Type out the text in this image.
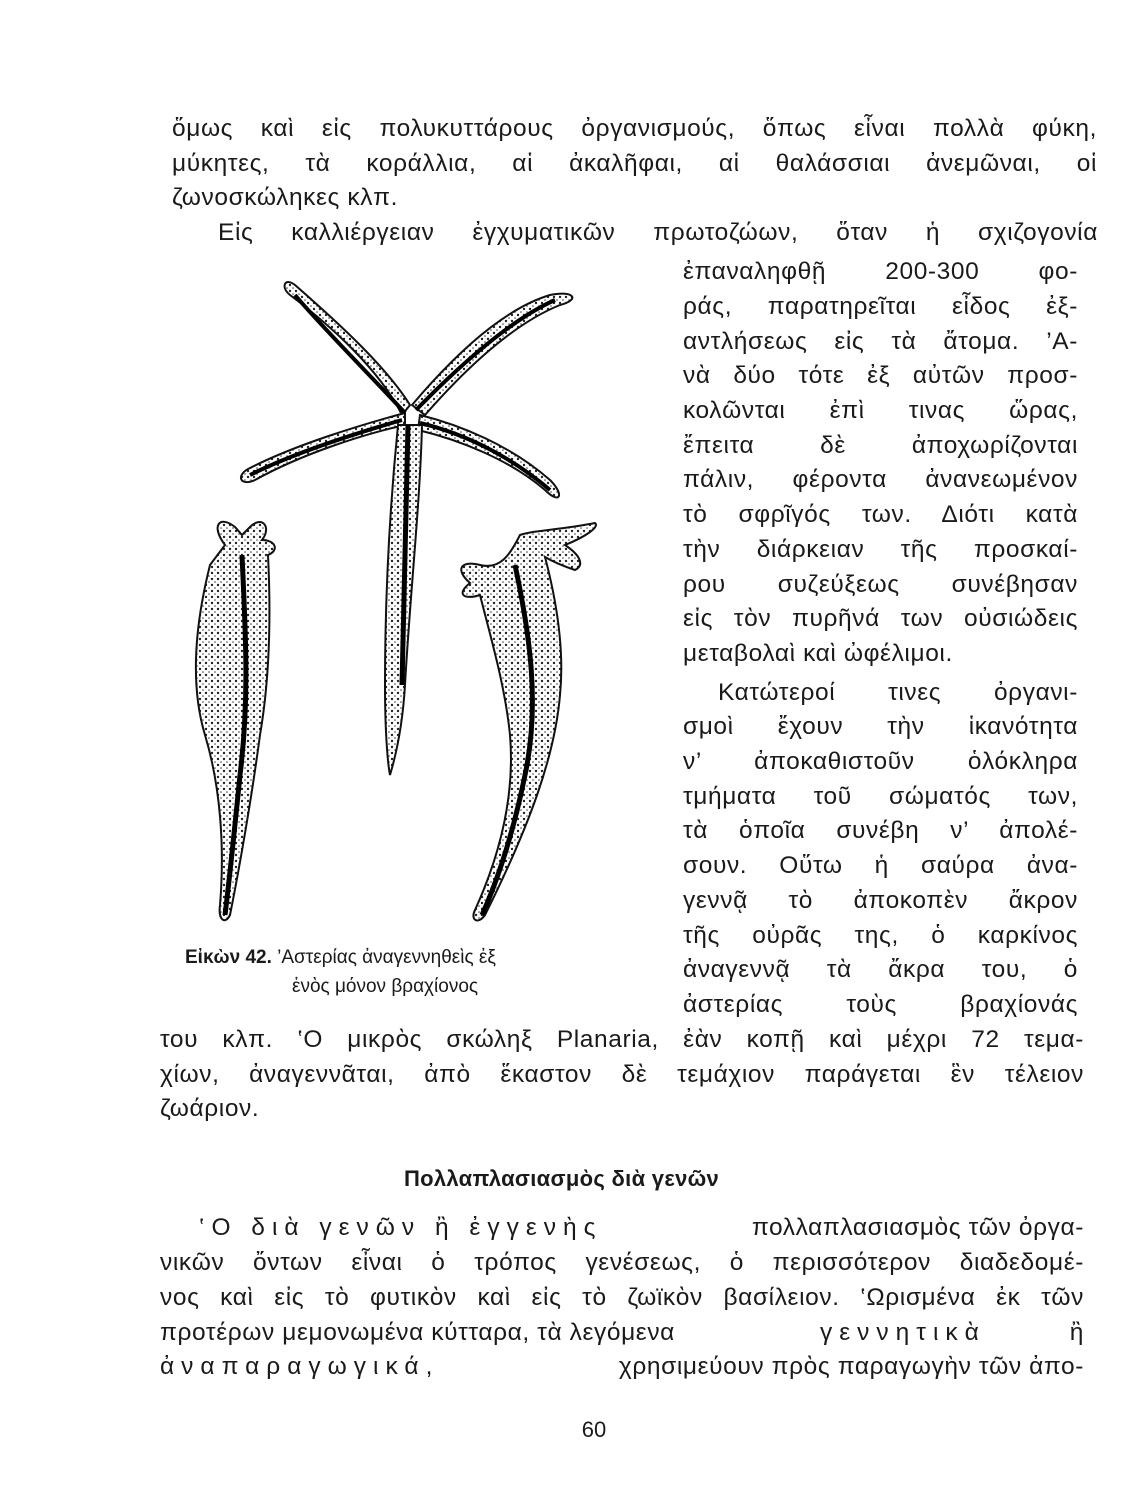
ὅμως καὶ εἰς πολυκυττάρους ὀργανισμούς, ὅπως εἶναι πολλὰ φύκη,
μύκητες, τὰ κοράλλια, αἱ ἀκαλῆφαι, αἱ θαλάσσιαι ἀνεμῶναι, οἱ
ζωνοσκώληκες κλπ.
Εἰς καλλιέργειαν ἐγχυματικῶν πρωτοζώων, ὅταν ἡ σχιζογονία
ἐπαναληφθῇ 200-300 φο-
ράς, παρατηρεῖται εἶδος ἐξ-
αντλήσεως εἰς τὰ ἄτομα. ’Α-
νὰ δύο τότε ἐξ αὐτῶν προσ-
κολῶνται ἐπὶ τινας ὥρας,
ἔπειτα δὲ ἀποχωρίζονται
πάλιν, φέροντα ἀνανεωμένον
τὸ σφρῖγός των. Διότι κατὰ
τὴν διάρκειαν τῆς προσκαί-
ρου συζεύξεως συνέβησαν
εἰς τὸν πυρῆνά των οὐσιώδεις
μεταβολαὶ καὶ ὠφέλιμοι.
Κατώτεροί τινες ὀργανι-
σμοὶ ἔχουν τὴν ἱκανότητα
ν’ ἀποκαθιστοῦν ὁλόκληρα
τμήματα τοῦ σώματός των,
τὰ ὁποῖα συνέβη ν’ ἀπολέ-
σουν. Οὕτω ἡ σαύρα ἀνα-
γεννᾷ τὸ ἀποκοπὲν ἄκρον
τῆς οὐρᾶς της, ὁ καρκίνος
ἀναγεννᾷ τὰ ἄκρα του, ὁ
ἀστερίας τοὺς βραχίονάς
του κλπ. ‛Ο μικρὸς σκώληξ Planaria, ἐὰν κοπῇ καὶ μέχρι 72 τεμα-
χίων, ἀναγεννᾶται, ἀπὸ ἕκαστον δὲ τεμάχιον παράγεται ἓν τέλειον
ζωάριον.
Εἰκὼν 42. ’Αστερίας ἀναγεννηθεὶς ἐξ
ἑνὸς μόνον βραχίονος
Πολλαπλασιασμὸς διὰ γενῶν
‛Ο διὰ γενῶν ἢ ἐγγενὴς	πολλαπλασιασμὸς τῶν ὀργα-
νικῶν ὄντων εἶναι ὁ τρόπος γενέσεως, ὁ περισσότερον διαδεδομέ-
νος καὶ εἰς τὸ φυτικὸν καὶ εἰς τὸ ζωϊκὸν βασίλειον. ‛Ωρισμένα ἐκ τῶν
προτέρων μεμονωμένα κύτταρα, τὰ λεγόμενα	γεννητικὰ	ἢ
ἀναπαραγωγικά,	χρησιμεύουν πρὸς παραγωγὴν τῶν ἀπο-
60
